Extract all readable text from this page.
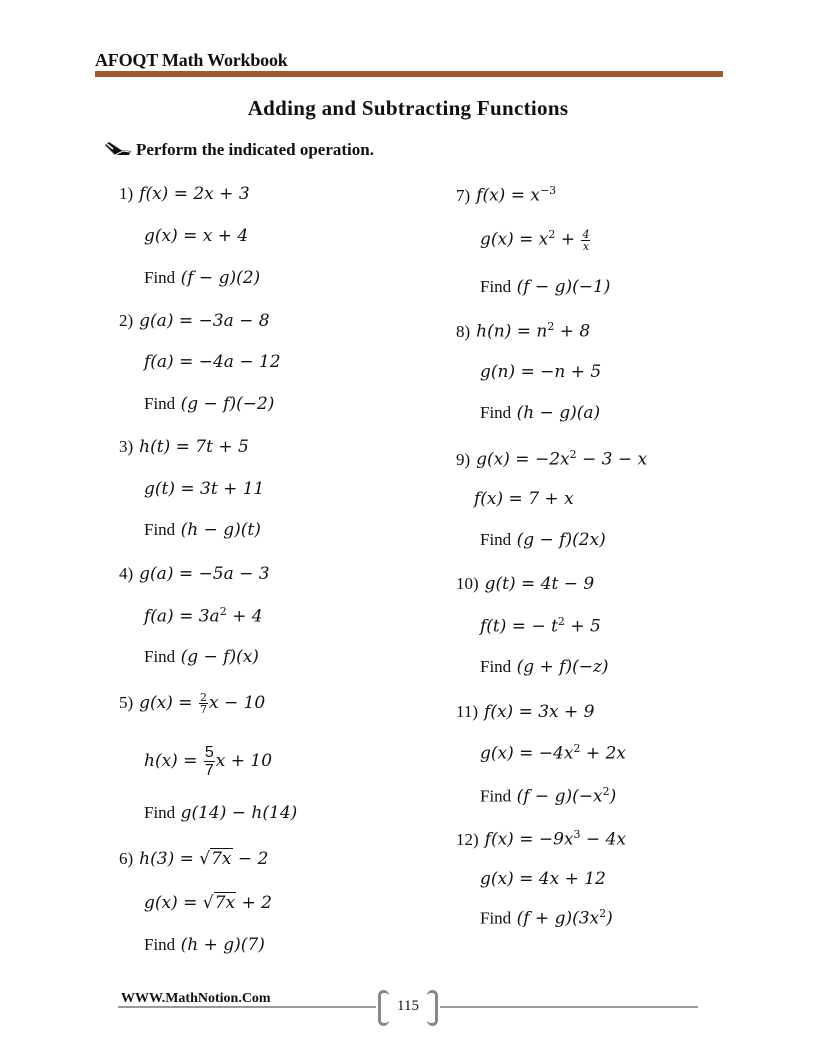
AFOQT Math Workbook
Adding and Subtracting Functions
Perform the indicated operation.
1) f(x) = 2x + 3
g(x) = x + 4
Find (f − g)(2)
2) g(a) = −3a − 8
f(a) = −4a − 12
Find (g − f)(−2)
3) h(t) = 7t + 5
g(t) = 3t + 11
Find (h − g)(t)
4) g(a) = −5a − 3
$f(a) = 3a^2 + 4$
Find (g − f)(x)
5) $g(x) = \frac{2}{7}$ x − 10
$h(x) = \frac{5}{7}$ x + 10
Find g(14) − h(14)
6) h(3) = √7x − 2
g(x) = √7x + 2
Find (h + g)(7)
7) $f(x) = x^{-3}$
$g(x) = x^2 + \frac{4}{x}$
Find (f − g)(−1)
8) $h(n) = n^2 + 8$
g(n) = −n + 5
Find (h − g)(a)
9) $g(x) = -2x^2 - 3 - x$
f(x) = 7 + x
Find (g − f)(2x)
10) g(t) = 4t − 9
f(t) = − $t^2 + 5$
Find (g + f)(−z)
11) f(x) = 3x + 9
$g(x) = -4x^2 + 2x$
Find $(f - g)(-x^2)$
12) $f(x) = -9x^3 - 4x$
g(x) = 4x + 12
Find $(f + g)(3x^2)$
WWW.MathNotion.Com	115
